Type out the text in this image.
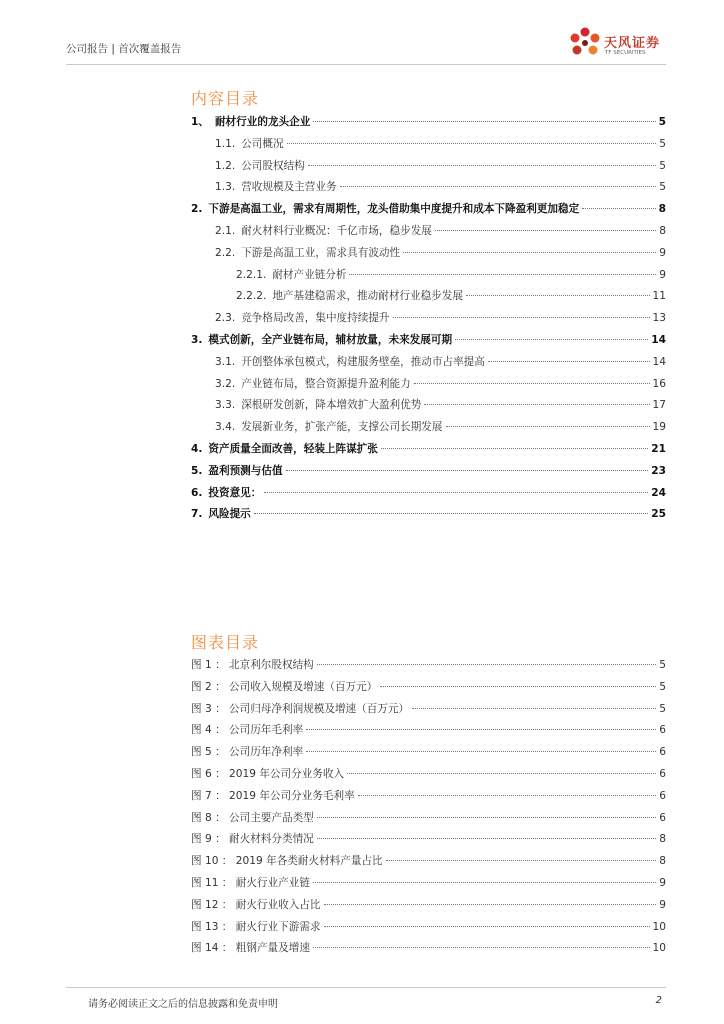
公司报告 | 首次覆盖报告	天风证券
TF SECURITIES
内容目录
1、 耐材行业的龙头企业	5
1.1. 公司概况	5
1.2. 公司股权结构	5
1.3. 营收规模及主营业务	5
2. 下游是高温工业，需求有周期性，龙头借助集中度提升和成本下降盈利更加稳定	8
2.1. 耐火材料行业概况：千亿市场，稳步发展	8
2.2. 下游是高温工业，需求具有波动性	9
2.2.1. 耐材产业链分析	9
2.2.2. 地产基建稳需求，推动耐材行业稳步发展	11
2.3. 竞争格局改善，集中度持续提升	13
3. 模式创新，全产业链布局，辅材放量，未来发展可期	14
3.1. 开创整体承包模式，构建服务壁垒，推动市占率提高	14
3.2. 产业链布局，整合资源提升盈利能力	16
3.3. 深根研发创新，降本增效扩大盈利优势	17
3.4. 发展新业务，扩张产能，支撑公司长期发展	19
4. 资产质量全面改善，轻装上阵谋扩张	21
5. 盈利预测与估值	23
6. 投资意见：	24
7. 风险提示	25
图表目录
图 1 ： 北京利尔股权结构	5
图 2 ： 公司收入规模及增速（百万元）	5
图 3 ： 公司归母净利润规模及增速（百万元）	5
图 4 ： 公司历年毛利率	6
图 5 ： 公司历年净利率	6
图 6 ： 2019 年公司分业务收入	6
图 7 ： 2019 年公司分业务毛利率	6
图 8 ： 公司主要产品类型	6
图 9 ： 耐火材料分类情况	8
图 10 ： 2019 年各类耐火材料产量占比	8
图 11 ： 耐火行业产业链	9
图 12 ： 耐火行业收入占比	9
图 13 ： 耐火行业下游需求	10
图 14 ： 粗钢产量及增速	10
请务必阅读正文之后的信息披露和免责申明	2
